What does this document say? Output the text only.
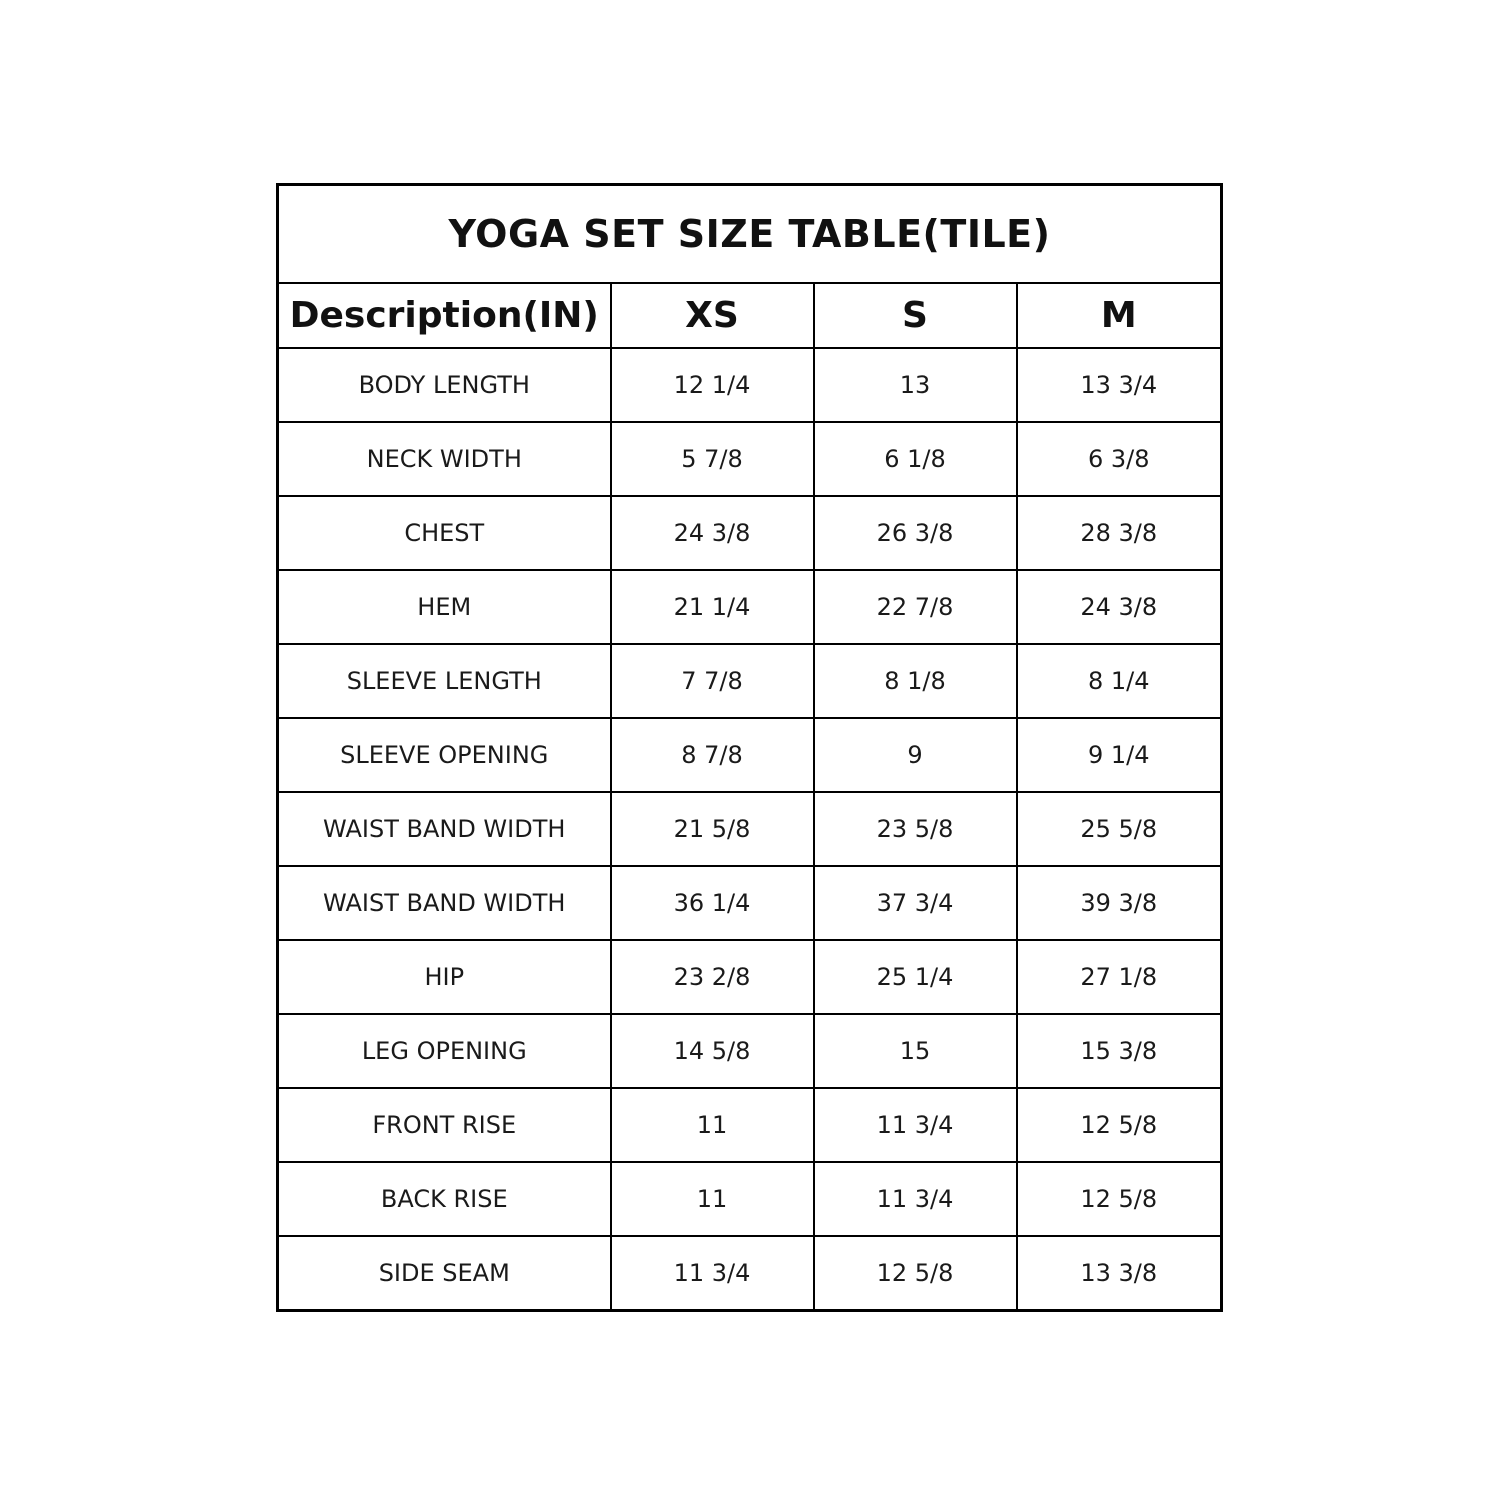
YOGA SET SIZE TABLE(TILE)			
Description(IN)	XS	S	M
BODY LENGTH	12 1/4	13	13 3/4
NECK WIDTH	5 7/8	6 1/8	6 3/8
CHEST	24 3/8	26 3/8	28 3/8
HEM	21 1/4	22 7/8	24 3/8
SLEEVE LENGTH	7 7/8	8 1/8	8 1/4
SLEEVE OPENING	8 7/8	9	9 1/4
WAIST BAND WIDTH	21 5/8	23 5/8	25 5/8
WAIST BAND WIDTH	36 1/4	37 3/4	39 3/8
HIP	23 2/8	25 1/4	27 1/8
LEG OPENING	14 5/8	15	15 3/8
FRONT RISE	11	11 3/4	12 5/8
BACK RISE	11	11 3/4	12 5/8
SIDE SEAM	11 3/4	12 5/8	13 3/8
